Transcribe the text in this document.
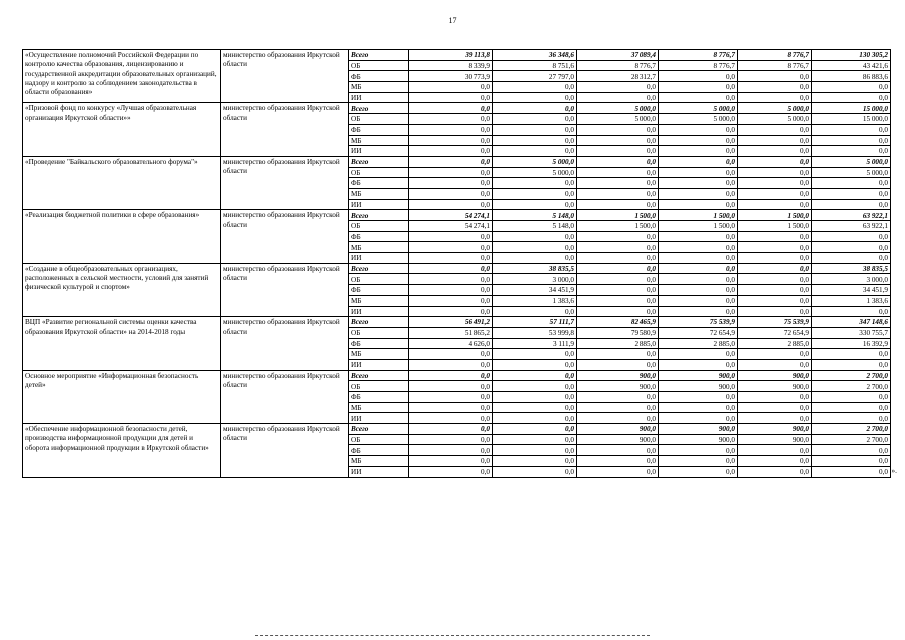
17
«Осуществление полномочий Российской Федерации по контролю качества образования, лицензированию и государственной аккредитации образовательных организаций, надзору и контролю за соблюдением законодательства в области образования»	министерство образования Иркутской области	Всего	39 113,8	36 348,6	37 089,4	8 776,7	8 776,7	130 305,2
		ОБ	8 339,9	8 751,6	8 776,7	8 776,7	8 776,7	43 421,6
		ФБ	30 773,9	27 797,0	28 312,7	0,0	0,0	86 883,6
		МБ	0,0	0,0	0,0	0,0	0,0	0,0
		ИИ	0,0	0,0	0,0	0,0	0,0	0,0
«Призовой фонд по конкурсу «Лучшая образовательная организация Иркутской области»»	министерство образования Иркутской области	Всего	0,0	0,0	5 000,0	5 000,0	5 000,0	15 000,0
		ОБ	0,0	0,0	5 000,0	5 000,0	5 000,0	15 000,0
		ФБ	0,0	0,0	0,0	0,0	0,0	0,0
		МБ	0,0	0,0	0,0	0,0	0,0	0,0
		ИИ	0,0	0,0	0,0	0,0	0,0	0,0
«Проведение "Байкальского образовательного форума"»	министерство образования Иркутской области	Всего	0,0	5 000,0	0,0	0,0	0,0	5 000,0
		ОБ	0,0	5 000,0	0,0	0,0	0,0	5 000,0
		ФБ	0,0	0,0	0,0	0,0	0,0	0,0
		МБ	0,0	0,0	0,0	0,0	0,0	0,0
		ИИ	0,0	0,0	0,0	0,0	0,0	0,0
«Реализация бюджетной политики в сфере образования»	министерство образования Иркутской области	Всего	54 274,1	5 148,0	1 500,0	1 500,0	1 500,0	63 922,1
		ОБ	54 274,1	5 148,0	1 500,0	1 500,0	1 500,0	63 922,1
		ФБ	0,0	0,0	0,0	0,0	0,0	0,0
		МБ	0,0	0,0	0,0	0,0	0,0	0,0
		ИИ	0,0	0,0	0,0	0,0	0,0	0,0
«Создание в общеобразовательных организациях, расположенных в сельской местности, условий для занятий физической культурой и спортом»	министерство образования Иркутской области	Всего	0,0	38 835,5	0,0	0,0	0,0	38 835,5
		ОБ	0,0	3 000,0	0,0	0,0	0,0	3 000,0
		ФБ	0,0	34 451,9	0,0	0,0	0,0	34 451,9
		МБ	0,0	1 383,6	0,0	0,0	0,0	1 383,6
		ИИ	0,0	0,0	0,0	0,0	0,0	0,0
ВЦП «Развитие региональной системы оценки качества образования Иркутской области» на 2014-2018 годы	министерство образования Иркутской области	Всего	56 491,2	57 111,7	82 465,9	75 539,9	75 539,9	347 148,6
		ОБ	51 865,2	53 999,8	79 580,9	72 654,9	72 654,9	330 755,7
		ФБ	4 626,0	3 111,9	2 885,0	2 885,0	2 885,0	16 392,9
		МБ	0,0	0,0	0,0	0,0	0,0	0,0
		ИИ	0,0	0,0	0,0	0,0	0,0	0,0
Основное мероприятие «Информационная безопасность детей»	министерство образования Иркутской области	Всего	0,0	0,0	900,0	900,0	900,0	2 700,0
		ОБ	0,0	0,0	900,0	900,0	900,0	2 700,0
		ФБ	0,0	0,0	0,0	0,0	0,0	0,0
		МБ	0,0	0,0	0,0	0,0	0,0	0,0
		ИИ	0,0	0,0	0,0	0,0	0,0	0,0
«Обеспечение информационной безопасности детей, производства информационной продукции для детей и оборота информационной продукции в Иркутской области»	министерство образования Иркутской области	Всего	0,0	0,0	900,0	900,0	900,0	2 700,0
		ОБ	0,0	0,0	900,0	900,0	900,0	2 700,0
		ФБ	0,0	0,0	0,0	0,0	0,0	0,0
		МБ	0,0	0,0	0,0	0,0	0,0	0,0
		ИИ	0,0	0,0	0,0	0,0	0,0	0,0 ».
